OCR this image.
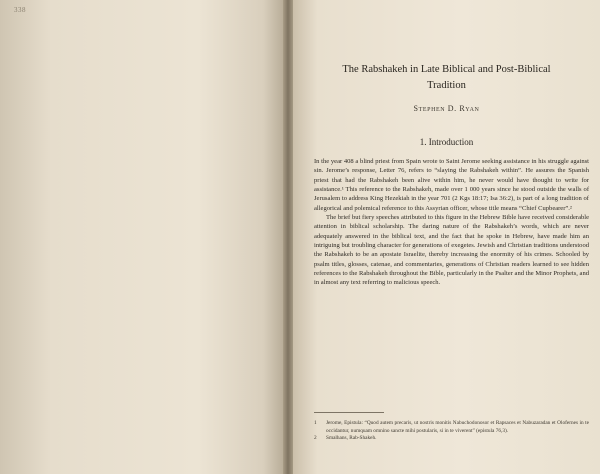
338
The Rabshakeh in Late Biblical and Post-Biblical
Tradition
Stephen D. Ryan
1. Introduction

In the year 408 a blind priest from Spain wrote to Saint Jerome seeking assistance in his struggle against sin. Jerome’s response, Letter 76, refers to “slaying the Rabshakeh within”. He assures the Spanish priest that had the Rabshakeh been alive within him, he never would have thought to write for assistance.¹ This reference to the Rabshakeh, made over 1 000 years since he stood outside the walls of Jerusalem to address King Hezekiah in the year 701 (2 Kgs 18:17; Isa 36:2), is part of a long tradition of allegorical and polemical reference to this Assyrian officer, whose title means “Chief Cupbearer”.²

The brief but fiery speeches attributed to this figure in the Hebrew Bible have received considerable attention in biblical scholarship. The daring nature of the Rabshakeh’s words, which are never adequately answered in the biblical text, and the fact that he spoke in Hebrew, have made him an intriguing but troubling character for generations of exegetes. Jewish and Christian traditions understood the Rabshakeh to be an apostate Israelite, thereby increasing the enormity of his crimes. Schooled by psalm titles, glosses, catenae, and commentaries, generations of Christian readers learned to see hidden references to the Rabshakeh throughout the Bible, particularly in the Psalter and the Minor Prophets, and in almost any text referring to malicious speech.

1	Jerome, Epistula: “Quod autem precaris, ut nostris monitis Nabuchodonosor et Rapsaces et Nabuzaradan et Olofernes in te occidantur, numquam omnino sancte mihi postularis, si in te viverent” (epistula 76,3).
2	Smalhans, Rab-Shakeh.
